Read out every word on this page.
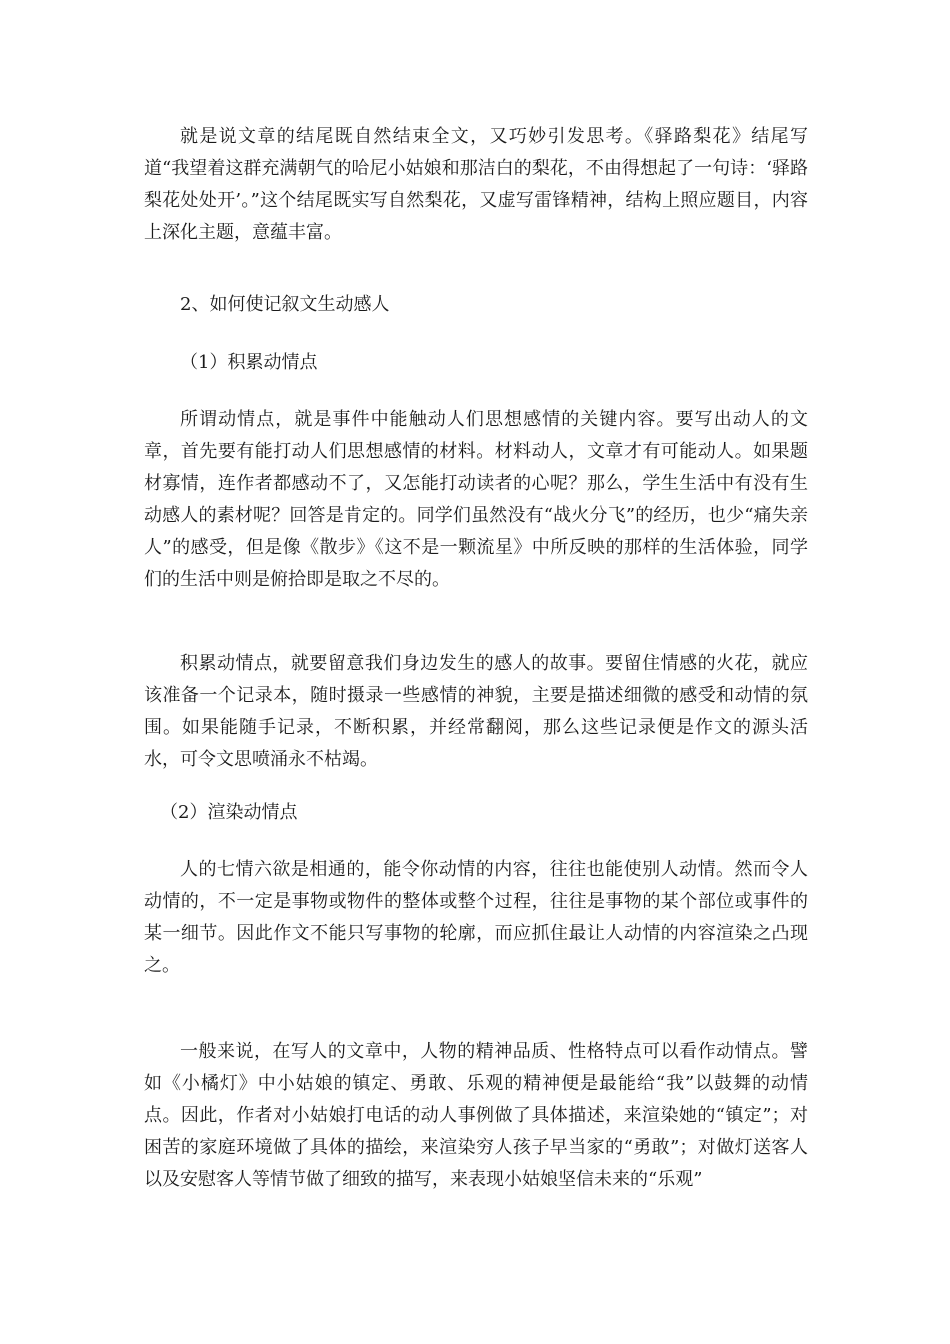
就是说文章的结尾既自然结束全文，又巧妙引发思考。《驿路梨花》结尾写道“我望着这群充满朝气的哈尼小姑娘和那洁白的梨花，不由得想起了一句诗：‘驿路梨花处处开’。”这个结尾既实写自然梨花，又虚写雷锋精神，结构上照应题目，内容上深化主题，意蕴丰富。

2、如何使记叙文生动感人

（1）积累动情点

所谓动情点，就是事件中能触动人们思想感情的关键内容。要写出动人的文章，首先要有能打动人们思想感情的材料。材料动人，文章才有可能动人。如果题材寡情，连作者都感动不了，又怎能打动读者的心呢？那么，学生生活中有没有生动感人的素材呢？回答是肯定的。同学们虽然没有“战火分飞”的经历，也少“痛失亲人”的感受，但是像《散步》《这不是一颗流星》中所反映的那样的生活体验，同学们的生活中则是俯拾即是取之不尽的。

积累动情点，就要留意我们身边发生的感人的故事。要留住情感的火花，就应该准备一个记录本，随时摄录一些感情的神貌，主要是描述细微的感受和动情的氛围。如果能随手记录，不断积累，并经常翻阅，那么这些记录便是作文的源头活水，可令文思喷涌永不枯竭。

（2）渲染动情点

人的七情六欲是相通的，能令你动情的内容，往往也能使别人动情。然而令人动情的，不一定是事物或物件的整体或整个过程，往往是事物的某个部位或事件的某一细节。因此作文不能只写事物的轮廓，而应抓住最让人动情的内容渲染之凸现之。

一般来说，在写人的文章中，人物的精神品质、性格特点可以看作动情点。譬如《小橘灯》中小姑娘的镇定、勇敢、乐观的精神便是最能给“我”以鼓舞的动情点。因此，作者对小姑娘打电话的动人事例做了具体描述，来渲染她的“镇定”；对困苦的家庭环境做了具体的描绘，来渲染穷人孩子早当家的“勇敢”；对做灯送客人以及安慰客人等情节做了细致的描写，来表现小姑娘坚信未来的“乐观”
